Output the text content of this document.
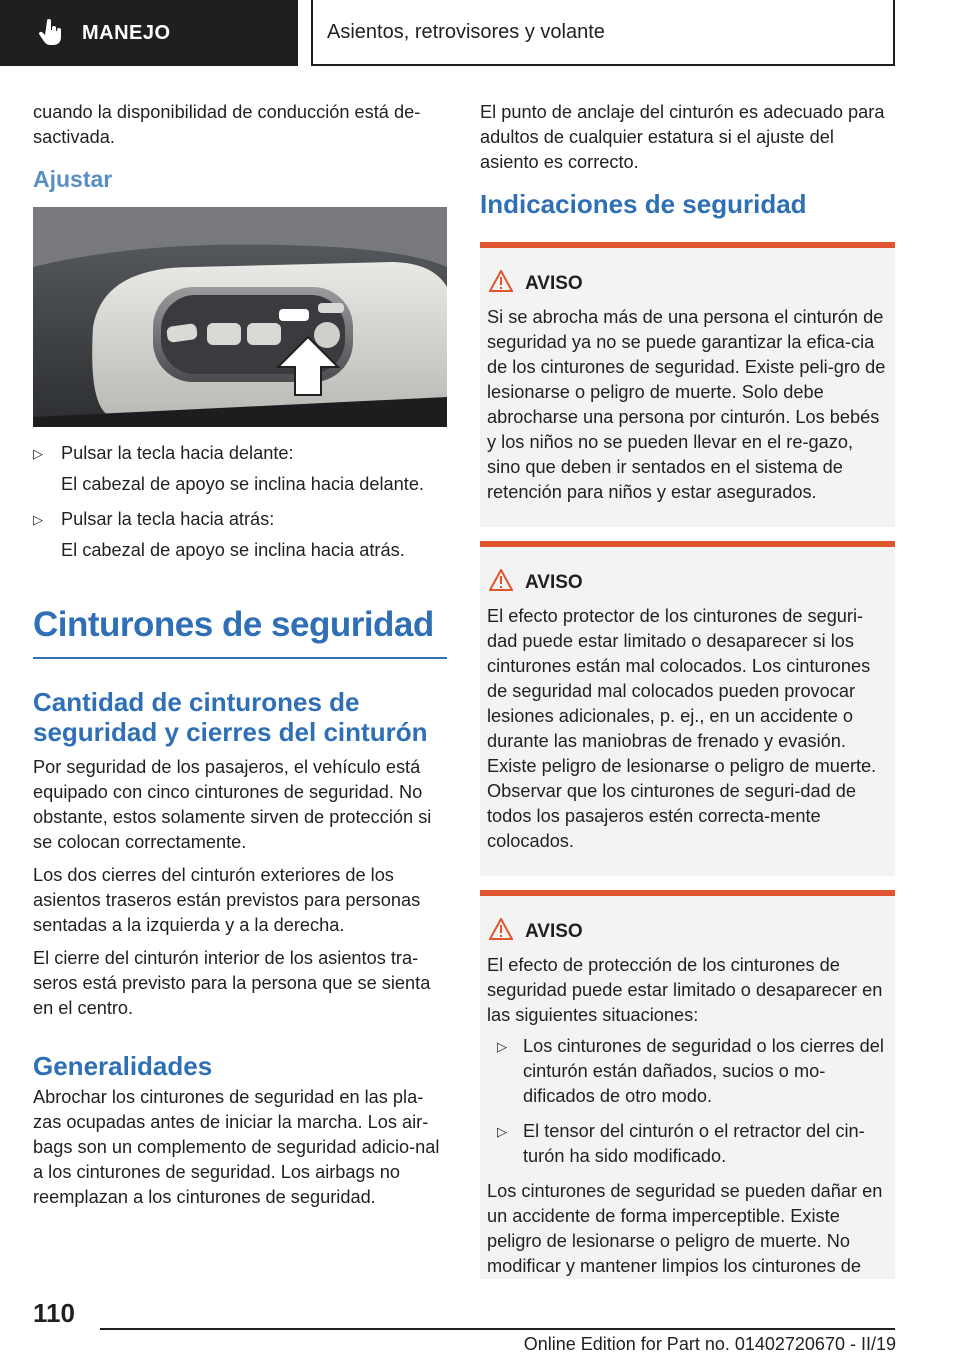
MANEJO	Asientos, retrovisores y volante

cuando la disponibilidad de conducción está de-sactivada.

Ajustar
▷ Pulsar la tecla hacia delante:
El cabezal de apoyo se inclina hacia delante.
▷ Pulsar la tecla hacia atrás:
El cabezal de apoyo se inclina hacia atrás.
Cinturones de seguridad
Cantidad de cinturones de seguridad y cierres del cinturón

Por seguridad de los pasajeros, el vehículo está equipado con cinco cinturones de seguridad. No obstante, estos solamente sirven de protección si se colocan correctamente.

Los dos cierres del cinturón exteriores de los asientos traseros están previstos para personas sentadas a la izquierda y a la derecha.

El cierre del cinturón interior de los asientos tra-seros está previsto para la persona que se sienta en el centro.

Generalidades

Abrochar los cinturones de seguridad en las pla-zas ocupadas antes de iniciar la marcha. Los air-bags son un complemento de seguridad adicio-nal a los cinturones de seguridad. Los airbags no reemplazan a los cinturones de seguridad.

El punto de anclaje del cinturón es adecuado para adultos de cualquier estatura si el ajuste del asiento es correcto.

Indicaciones de seguridad
AVISO

Si se abrocha más de una persona el cinturón de seguridad ya no se puede garantizar la efica-cia de los cinturones de seguridad. Existe peli-gro de lesionarse o peligro de muerte. Solo debe abrocharse una persona por cinturón. Los bebés y los niños no se pueden llevar en el re-gazo, sino que deben ir sentados en el sistema de retención para niños y estar asegurados.

AVISO

El efecto protector de los cinturones de seguri-dad puede estar limitado o desaparecer si los cinturones están mal colocados. Los cinturones de seguridad mal colocados pueden provocar lesiones adicionales, p. ej., en un accidente o durante las maniobras de frenado y evasión. Existe peligro de lesionarse o peligro de muerte. Observar que los cinturones de seguri-dad de todos los pasajeros estén correcta-mente colocados.

AVISO

El efecto de protección de los cinturones de seguridad puede estar limitado o desaparecer en las siguientes situaciones:

▷ Los cinturones de seguridad o los cierres del cinturón están dañados, sucios o mo-dificados de otro modo.
▷ El tensor del cinturón o el retractor del cin-turón ha sido modificado.

Los cinturones de seguridad se pueden dañar en un accidente de forma imperceptible. Existe peligro de lesionarse o peligro de muerte. No modificar y mantener limpios los cinturones de

110
Online Edition for Part no. 01402720670 - II/19
